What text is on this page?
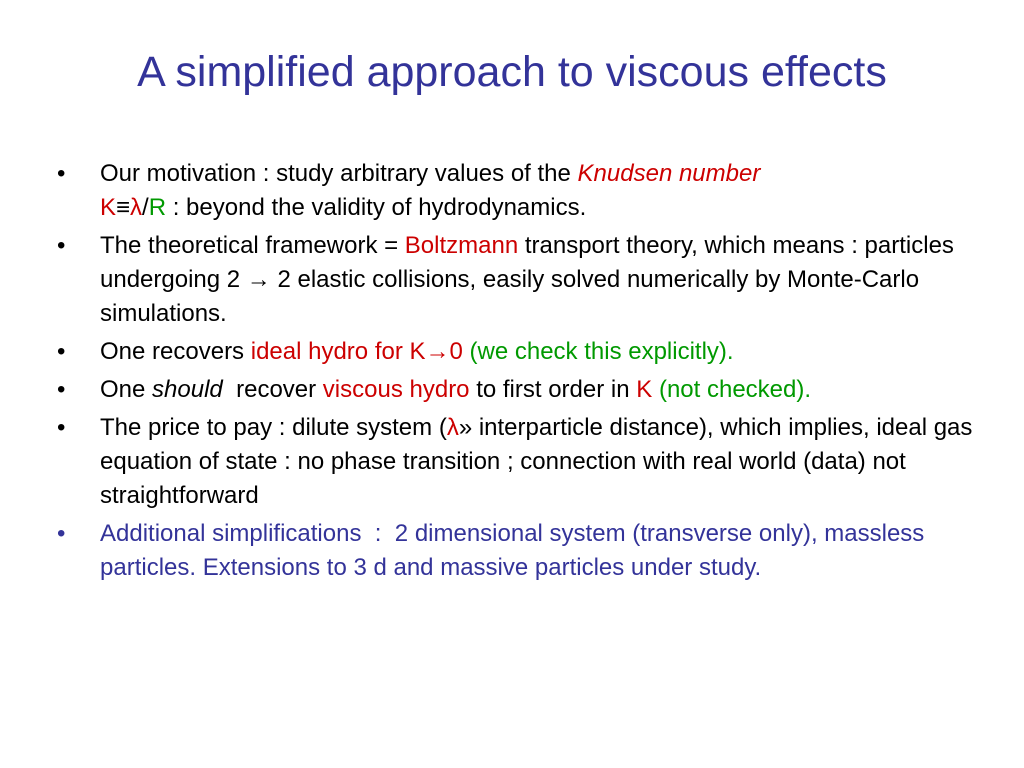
A simplified approach to viscous effects
• Our motivation : study arbitrary values of the Knudsen number
K≡λ/R : beyond the validity of hydrodynamics.
• The theoretical framework = Boltzmann transport theory, which means : particles undergoing 2 → 2 elastic collisions, easily solved numerically by Monte-Carlo simulations.
• One recovers ideal hydro for K→0 (we check this explicitly).
• One should  recover viscous hydro to first order in K (not checked).
• The price to pay : dilute system (λ» interparticle distance), which implies, ideal gas equation of state : no phase transition ; connection with real world (data) not straightforward
• Additional simplifications  :  2 dimensional system (transverse only), massless particles. Extensions to 3 d and massive particles under study.
